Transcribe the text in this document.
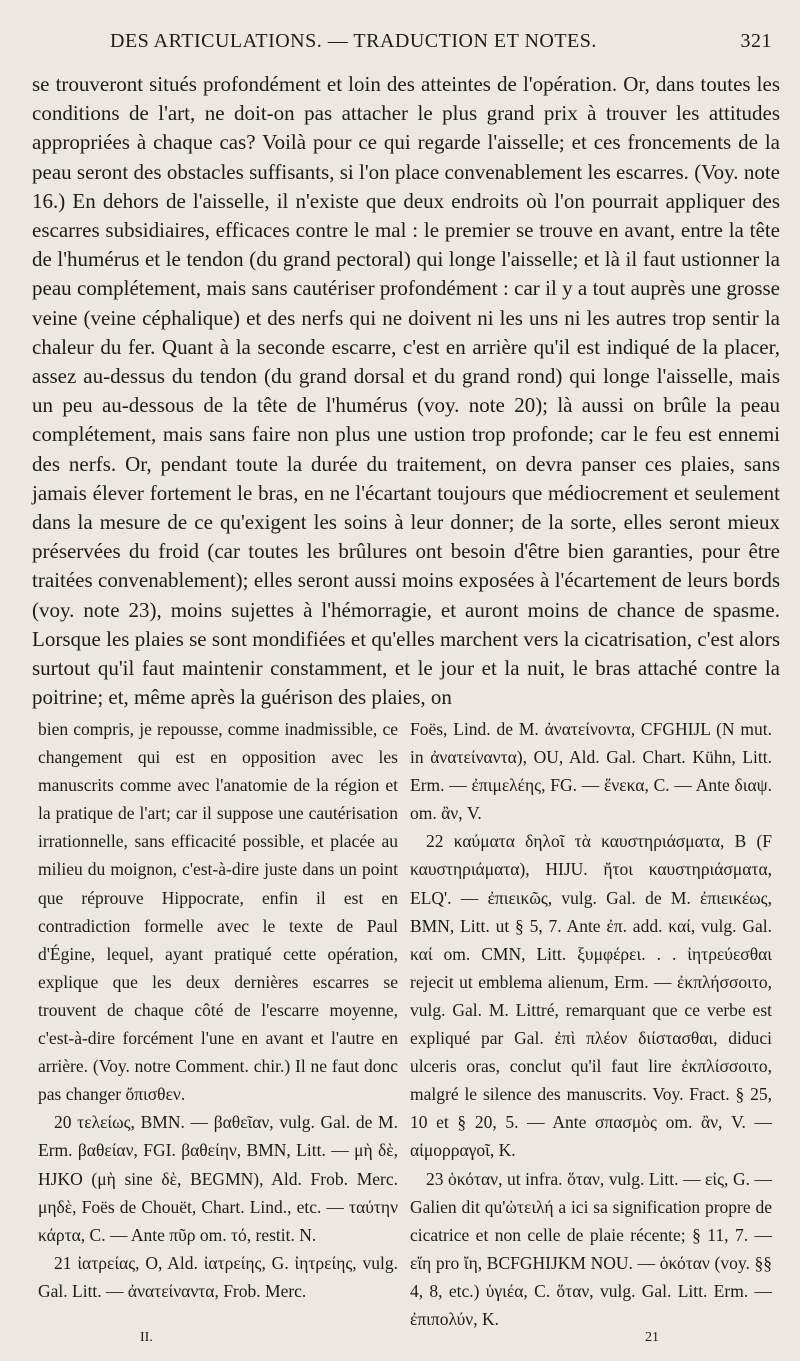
DES ARTICULATIONS. — TRADUCTION ET NOTES.	321

se trouveront situés profondément et loin des atteintes de l'opération. Or, dans toutes les conditions de l'art, ne doit-on pas attacher le plus grand prix à trouver les attitudes appropriées à chaque cas? Voilà pour ce qui regarde l'aisselle; et ces froncements de la peau seront des obstacles suffisants, si l'on place convenablement les escarres. (Voy. note 16.) En dehors de l'aisselle, il n'existe que deux endroits où l'on pourrait appliquer des escarres subsidiaires, efficaces contre le mal : le premier se trouve en avant, entre la tête de l'humérus et le tendon (du grand pectoral) qui longe l'aisselle; et là il faut ustionner la peau complétement, mais sans cautériser profondément : car il y a tout auprès une grosse veine (veine céphalique) et des nerfs qui ne doivent ni les uns ni les autres trop sentir la chaleur du fer. Quant à la seconde escarre, c'est en arrière qu'il est indiqué de la placer, assez au-dessus du tendon (du grand dorsal et du grand rond) qui longe l'aisselle, mais un peu au-dessous de la tête de l'humérus (voy. note 20); là aussi on brûle la peau complétement, mais sans faire non plus une ustion trop profonde; car le feu est ennemi des nerfs. Or, pendant toute la durée du traitement, on devra panser ces plaies, sans jamais élever fortement le bras, en ne l'écartant toujours que médiocrement et seulement dans la mesure de ce qu'exigent les soins à leur donner; de la sorte, elles seront mieux préservées du froid (car toutes les brûlures ont besoin d'être bien garanties, pour être traitées convenablement); elles seront aussi moins exposées à l'écartement de leurs bords (voy. note 23), moins sujettes à l'hémorragie, et auront moins de chance de spasme. Lorsque les plaies se sont mondifiées et qu'elles marchent vers la cicatrisation, c'est alors surtout qu'il faut maintenir constamment, et le jour et la nuit, le bras attaché contre la poitrine; et, même après la guérison des plaies, on

bien compris, je repousse, comme inadmissible, ce changement qui est en opposition avec les manuscrits comme avec l'anatomie de la région et la pratique de l'art; car il suppose une cautérisation irrationnelle, sans efficacité possible, et placée au milieu du moignon, c'est-à-dire juste dans un point que réprouve Hippocrate, enfin il est en contradiction formelle avec le texte de Paul d'Égine, lequel, ayant pratiqué cette opération, explique que les deux dernières escarres se trouvent de chaque côté de l'escarre moyenne, c'est-à-dire forcément l'une en avant et l'autre en arrière. (Voy. notre Comment. chir.) Il ne faut donc pas changer ὄπισθεν.

20 τελείως, BMN. — βαθεῖαν, vulg. Gal. de M. Erm. βαθείαν, FGI. βαθείην, BMN, Litt. — μὴ δὲ, HJKO (μὴ sine δὲ, BEGMN), Ald. Frob. Merc. μηδὲ, Foës de Chouët, Chart. Lind., etc. — ταύτην κάρτα, C. — Ante πῦρ om. τό, restit. N.

21 ἰατρείας, O, Ald. ἰατρείης, G. ἰητρείης, vulg. Gal. Litt. — ἀνατείναντα, Frob. Merc.

Foës, Lind. de M. ἀνατείνοντα, CFGHIJL (N mut. in ἀνατείναντα), OU, Ald. Gal. Chart. Kühn, Litt. Erm. — ἐπιμελέης, FG. — ἕνεκα, C. — Ante διαψ. om. ἂν, V.

22 καύματα δηλοῖ τὰ καυστηριάσματα, B (F καυστηριάματα), HIJU. ἤτοι καυστηριάσματα, ELQ'. — ἐπιεικῶς, vulg. Gal. de M. ἐπιεικέως, BMN, Litt. ut § 5, 7. Ante ἐπ. add. καί, vulg. Gal. καί om. CMN, Litt. ξυμφέρει. . . ἰητρεύεσθαι rejecit ut emblema alienum, Erm. — ἐκπλήσσοιτο, vulg. Gal. M. Littré, remarquant que ce verbe est expliqué par Gal. ἐπὶ πλέον διίστασθαι, diduci ulceris oras, conclut qu'il faut lire ἐκπλίσσοιτο, malgré le silence des manuscrits. Voy. Fract. § 25, 10 et § 20, 5. — Ante σπασμὸς om. ἂν, V. — αἱμορραγοῖ, K.

23 ὁκόταν, ut infra. ὅταν, vulg. Litt. — εἰς, G. — Galien dit qu'ὠτειλή a ici sa signification propre de cicatrice et non celle de plaie récente; § 11, 7. — εἴη pro ἴη, BCFGHIJKM NOU. — ὁκόταν (voy. §§ 4, 8, etc.) ὑγιέα, C. ὅταν, vulg. Gal. Litt. Erm. — ἐπιπολύν, K.

II.	21
